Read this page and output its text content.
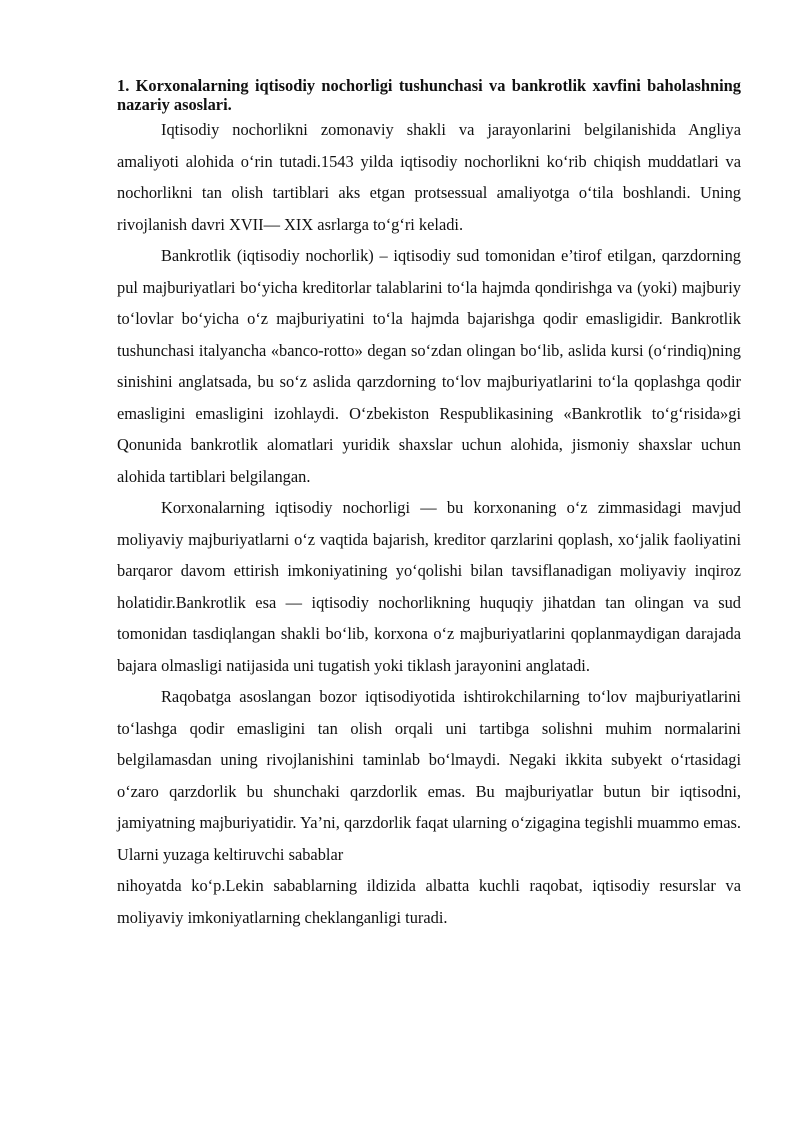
1. Korxonalarning iqtisodiy nochorligi tushunchasi va bankrotlik xavfini baholashning nazariy asoslari.

Iqtisodiy nochorlikni zomonaviy shakli va jarayonlarini belgilanishida Angliya amaliyoti alohida o‘rin tutadi.1543 yilda iqtisodiy nochorlikni ko‘rib chiqish muddatlari va nochorlikni tan olish tartiblari aks etgan protsessual amaliyotga o‘tila boshlandi. Uning rivojlanish davri XVII— XIX asrlarga to‘g‘ri keladi.

Bankrotlik (iqtisodiy nochorlik) – iqtisodiy sud tomonidan e’tirof etilgan, qarzdorning pul majburiyatlari bo‘yicha kreditorlar talablarini to‘la hajmda qondirishga va (yoki) majburiy to‘lovlar bo‘yicha o‘z majburiyatini to‘la hajmda bajarishga qodir emasligidir. Bankrotlik tushunchasi italyancha «banco-rotto» degan so‘zdan olingan bo‘lib, aslida kursi (o‘rindiq)ning sinishini anglatsada, bu so‘z aslida qarzdorning to‘lov majburiyatlarini to‘la qoplashga qodir emasligini emasligini izohlaydi. O‘zbekiston Respublikasining «Bankrotlik to‘g‘risida»gi Qonunida bankrotlik alomatlari yuridik shaxslar uchun alohida, jismoniy shaxslar uchun alohida tartiblari belgilangan.

Korxonalarning iqtisodiy nochorligi — bu korxonaning o‘z zimmasidagi mavjud moliyaviy majburiyatlarni o‘z vaqtida bajarish, kreditor qarzlarini qoplash, xo‘jalik faoliyatini barqaror davom ettirish imkoniyatining yo‘qolishi bilan tavsiflanadigan moliyaviy inqiroz holatidir.Bankrotlik esa — iqtisodiy nochorlikning huquqiy jihatdan tan olingan va sud tomonidan tasdiqlangan shakli bo‘lib, korxona o‘z majburiyatlarini qoplanmaydigan darajada bajara olmasligi natijasida uni tugatish yoki tiklash jarayonini anglatadi.

Raqobatga asoslangan bozor iqtisodiyotida ishtirokchilarning to‘lov majburiyatlarini to‘lashga qodir emasligini tan olish orqali uni tartibga solishni muhim normalarini belgilamasdan uning rivojlanishini taminlab bo‘lmaydi. Negaki ikkita subyekt o‘rtasidagi o‘zaro qarzdorlik bu shunchaki qarzdorlik emas. Bu majburiyatlar butun bir iqtisodni, jamiyatning majburiyatidir. Ya’ni, qarzdorlik faqat ularning o‘zigagina tegishli muammo emas. Ularni yuzaga keltiruvchi sabablar

nihoyatda ko‘p.Lekin sabablarning ildizida albatta kuchli raqobat, iqtisodiy resurslar va moliyaviy imkoniyatlarning cheklanganligi turadi.
